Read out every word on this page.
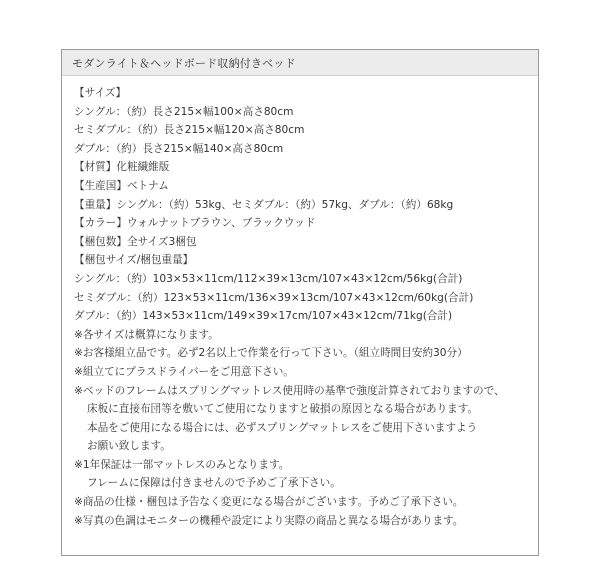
モダンライト＆ヘッドボード収納付きベッド
【サイズ】
シングル：（約）長さ215×幅100×高さ80cm
セミダブル：（約）長さ215×幅120×高さ80cm
ダブル：（約）長さ215×幅140×高さ80cm
【材質】化粧繊維版
【生産国】ベトナム
【重量】シングル：（約）53kg、セミダブル：（約）57kg、ダブル：（約）68kg
【カラー】ウォルナットブラウン、ブラックウッド
【梱包数】全サイズ3梱包
【梱包サイズ/梱包重量】
シングル：（約）103×53×11cm/112×39×13cm/107×43×12cm/56kg(合計)
セミダブル：（約）123×53×11cm/136×39×13cm/107×43×12cm/60kg(合計)
ダブル：（約）143×53×11cm/149×39×17cm/107×43×12cm/71kg(合計)
※各サイズは概算になります。
※お客様組立品です。必ず2名以上で作業を行って下さい。（組立時間目安約30分）
※組立てにプラスドライバーをご用意下さい。
※ベッドのフレームはスプリングマットレス使用時の基準で強度計算されておりますので、
床板に直接布団等を敷いてご使用になりますと破損の原因となる場合があります。
本品をご使用になる場合には、必ずスプリングマットレスをご使用下さいますよう
お願い致します。
※1年保証は一部マットレスのみとなります。
フレームに保障は付きませんので予めご了承下さい。
※商品の仕様・梱包は予告なく変更になる場合がございます。予めご了承下さい。
※写真の色調はモニターの機種や設定により実際の商品と異なる場合があります。
